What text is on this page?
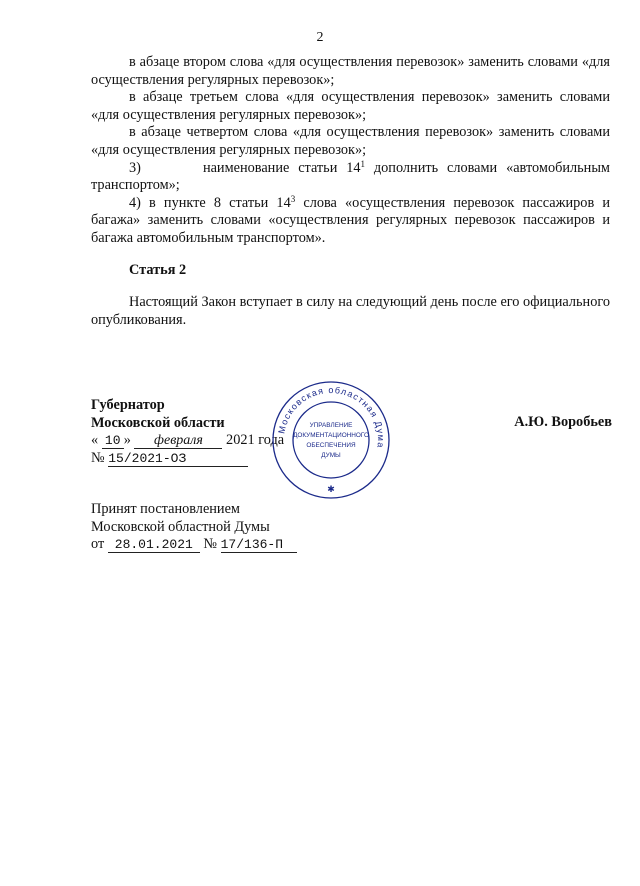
2

в абзаце втором слова «для осуществления перевозок» заменить словами «для осуществления регулярных перевозок»;

в абзаце третьем слова «для осуществления перевозок» заменить словами «для осуществления регулярных перевозок»;

в абзаце четвертом слова «для осуществления перевозок» заменить словами «для осуществления регулярных перевозок»;

3)	наименование статьи $14^1$ дополнить словами «автомобильным транспортом»;

4) в пункте 8 статьи $14^3$ слова «осуществления перевозок пассажиров и багажа» заменить словами «осуществления регулярных перевозок пассажиров и багажа автомобильным транспортом».

Статья 2

Настоящий Закон вступает в силу на следующий день после его официального опубликования.

Губернатор
Московской области
« 10 » февраля 2021 года
№ 15/2021-ОЗ
А.Ю. Воробьев
Московская областная Дума
УПРАВЛЕНИЕ
ДОКУМЕНТАЦИОННОГО
ОБЕСПЕЧЕНИЯ
ДУМЫ
✱
Принят постановлением
Московской областной Думы
от 28.01.2021 № 17/136-П
